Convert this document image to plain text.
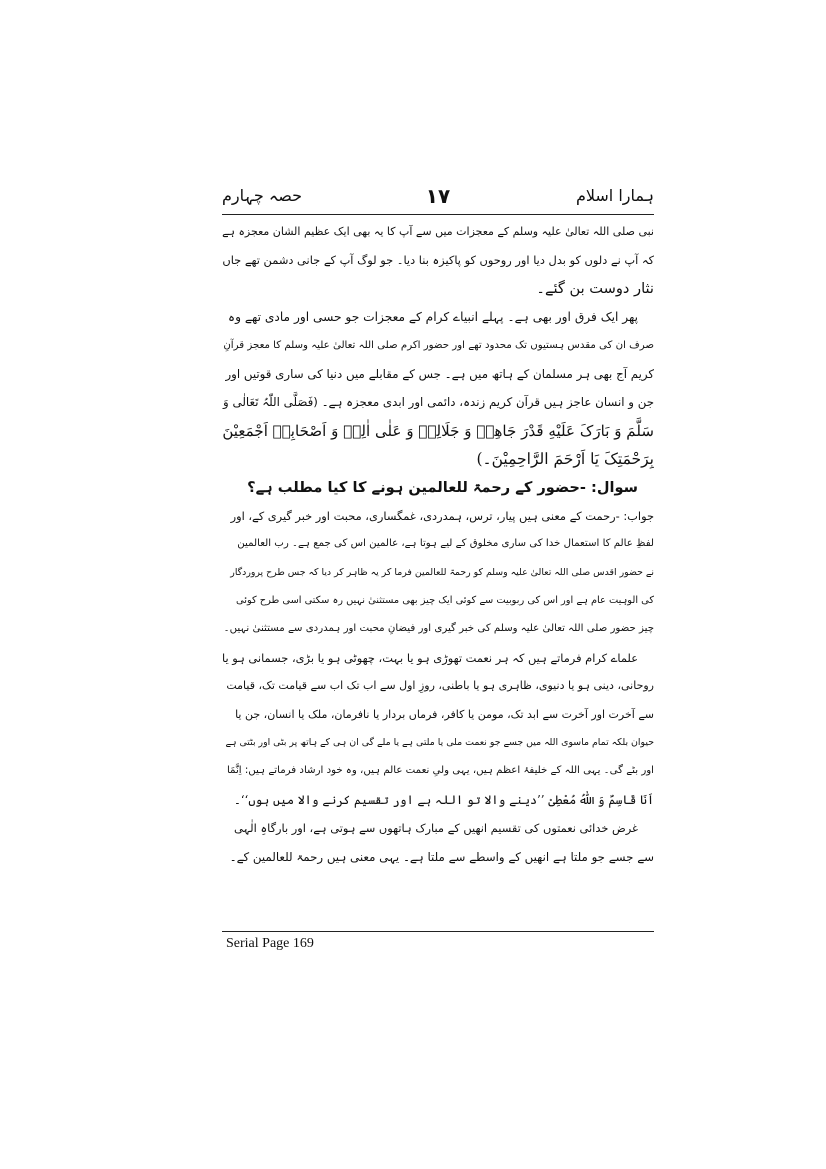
ہمارا اسلام
۱۷
حصہ چہارم
نبی صلی اللہ تعالیٰ علیہ وسلم کے معجزات میں سے آپ کا یہ بھی ایک عظیم الشان معجزہ ہے
کہ آپ نے دلوں کو بدل دیا اور روحوں کو پاکیزہ بنا دیا۔ جو لوگ آپ کے جانی دشمن تھے جاں
نثار دوست بن گئے۔
پھر ایک فرق اور بھی ہے۔ پہلے انبیاے کرام کے معجزات جو حسی اور مادی تھے وہ
صرف ان کی مقدس ہستیوں تک محدود تھے اور حضور اکرم صلی اللہ تعالیٰ علیہ وسلم کا معجز قرآنِ
کریم آج بھی ہر مسلمان کے ہاتھ میں ہے۔ جس کے مقابلے میں دنیا کی ساری قوتیں اور
جن و انسان عاجز ہیں قرآن کریم زندہ، دائمی اور ابدی معجزہ ہے۔ (فَصَلَّی اللّٰہُ تَعَالٰی وَ
سَلَّمَ وَ بَارَکَ عَلَیْهِ قَدْرَ جَاهِهٖ وَ جَلَالِهٖ وَ عَلٰی اٰلِهٖ وَ اَصْحَابِهٖ اَجْمَعِیْنَ
بِرَحْمَتِکَ یَا اَرْحَمَ الرَّاحِمِیْنَ۔)
سوال: -حضور کے رحمۃ للعالمین ہونے کا کیا مطلب ہے؟
جواب: -رحمت کے معنی ہیں پیار، ترس، ہمدردی، غمگساری، محبت اور خبر گیری کے، اور
لفظِ عالم کا استعمال خدا کی ساری مخلوق کے لیے ہوتا ہے، عالمین اس کی جمع ہے۔ رب العالمین
نے حضور اقدس صلی اللہ تعالیٰ علیہ وسلم کو رحمۃ للعالمین فرما کر یہ ظاہر کر دیا کہ جس طرح پروردگار
کی الوہیت عام ہے اور اس کی ربوبیت سے کوئی ایک چیز بھی مستثنیٰ نہیں رہ سکتی اسی طرح کوئی
چیز حضور صلی اللہ تعالیٰ علیہ وسلم کی خبر گیری اور فیضانِ محبت اور ہمدردی سے مستثنیٰ نہیں۔
علماے کرام فرماتے ہیں کہ ہر نعمت تھوڑی ہو یا بہت، چھوٹی ہو یا بڑی، جسمانی ہو یا
روحانی، دینی ہو یا دنیوی، ظاہری ہو یا باطنی، روزِ اول سے اب تک اب سے قیامت تک، قیامت
سے آخرت اور آخرت سے ابد تک، مومن یا کافر، فرماں بردار یا نافرمان، ملک یا انسان، جن یا
حیوان بلکہ تمام ماسوی اللہ میں جسے جو نعمت ملی یا ملتی ہے یا ملے گی ان ہی کے ہاتھ پر بٹی اور بٹتی ہے
اور بٹے گی۔ یہی اللہ کے خلیفۂ اعظم ہیں، یہی ولیِ نعمت عالم ہیں، وہ خود ارشاد فرماتے ہیں: اِنَّمَا
اَنَا قَاسِمٌ وَ اللّٰهُ مُعْطِیْ ’’دینے والا تو اللہ ہے اور تقسیم کرنے والا میں ہوں‘‘۔
غرض خدائی نعمتوں کی تقسیم انھیں کے مبارک ہاتھوں سے ہوتی ہے، اور بارگاہِ الٰہی
سے جسے جو ملتا ہے انھیں کے واسطے سے ملتا ہے۔ یہی معنی ہیں رحمۃ للعالمین کے۔
Serial Page 169
